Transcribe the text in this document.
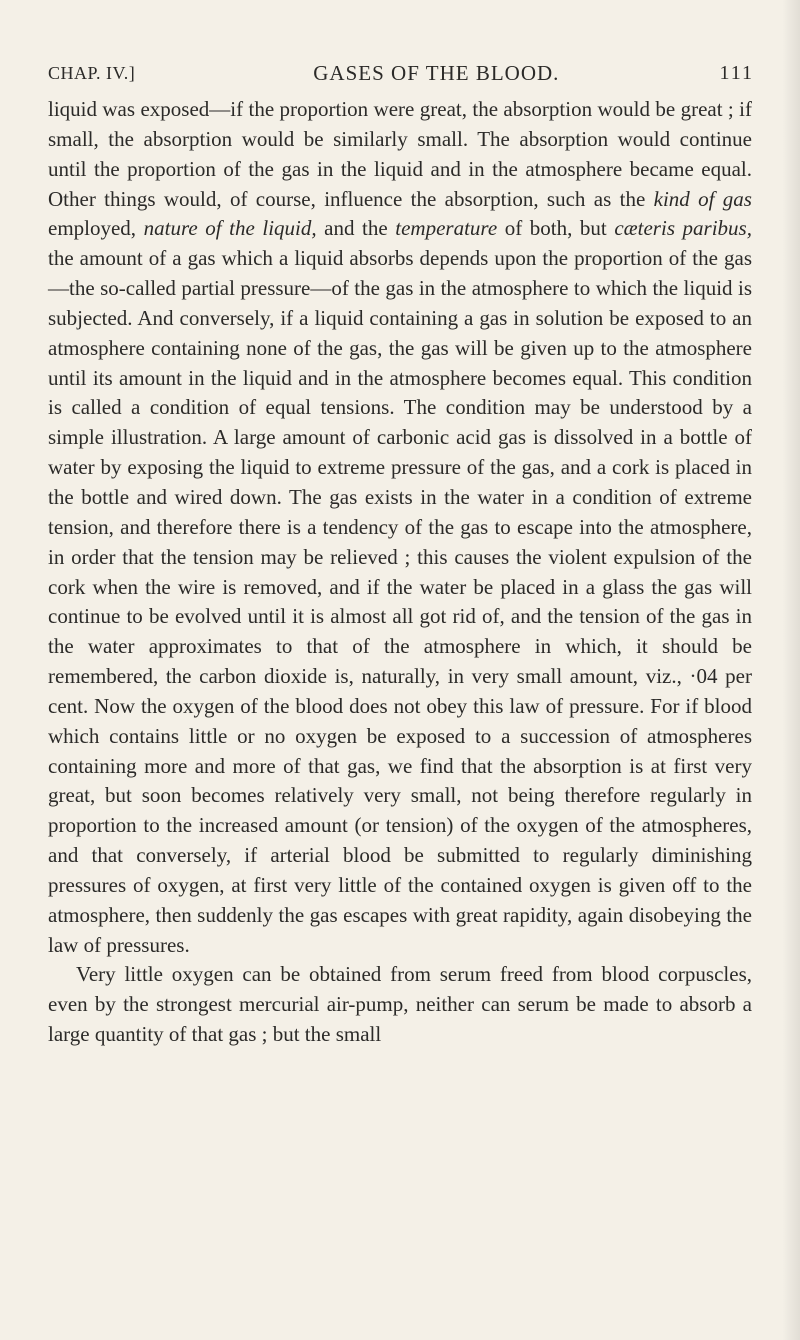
CHAP. IV.]	GASES OF THE BLOOD.	111

liquid was exposed—if the proportion were great, the absorption would be great ; if small, the absorption would be similarly small. The absorption would continue until the proportion of the gas in the liquid and in the atmosphere became equal. Other things would, of course, influence the absorption, such as the kind of gas employed, nature of the liquid, and the temperature of both, but cæteris paribus, the amount of a gas which a liquid absorbs depends upon the proportion of the gas—the so-called partial pressure—of the gas in the atmosphere to which the liquid is subjected. And conversely, if a liquid containing a gas in solution be exposed to an atmosphere containing none of the gas, the gas will be given up to the atmosphere until its amount in the liquid and in the atmosphere becomes equal. This condition is called a condition of equal tensions. The condition may be understood by a simple illustration. A large amount of carbonic acid gas is dissolved in a bottle of water by exposing the liquid to extreme pressure of the gas, and a cork is placed in the bottle and wired down. The gas exists in the water in a condition of extreme tension, and therefore there is a tendency of the gas to escape into the atmosphere, in order that the tension may be relieved ; this causes the violent expulsion of the cork when the wire is removed, and if the water be placed in a glass the gas will continue to be evolved until it is almost all got rid of, and the tension of the gas in the water approximates to that of the atmosphere in which, it should be remembered, the carbon dioxide is, naturally, in very small amount, viz., ·04 per cent. Now the oxygen of the blood does not obey this law of pressure. For if blood which contains little or no oxygen be exposed to a succession of atmospheres containing more and more of that gas, we find that the absorption is at first very great, but soon becomes relatively very small, not being therefore regularly in proportion to the increased amount (or tension) of the oxygen of the atmospheres, and that conversely, if arterial blood be submitted to regularly diminishing pressures of oxygen, at first very little of the contained oxygen is given off to the atmosphere, then suddenly the gas escapes with great rapidity, again disobeying the law of pressures.

Very little oxygen can be obtained from serum freed from blood corpuscles, even by the strongest mercurial air-pump, neither can serum be made to absorb a large quantity of that gas ; but the small
